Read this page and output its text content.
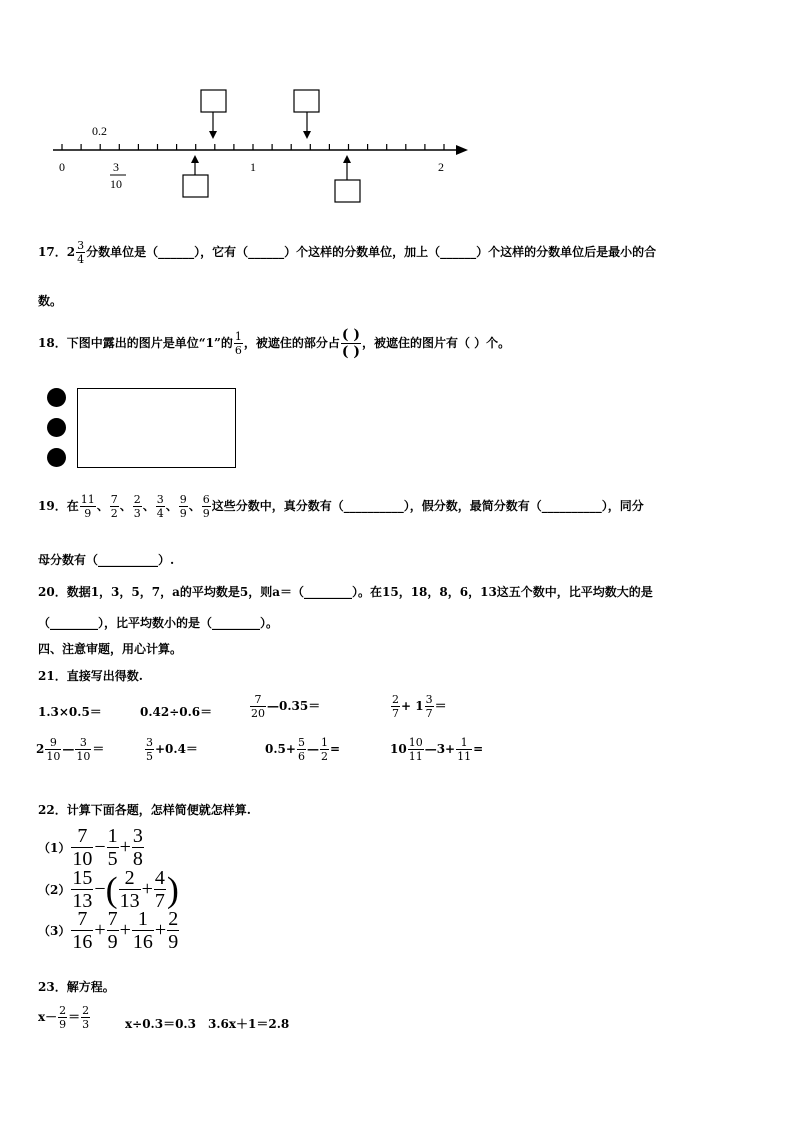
0.2
0	1	2
3
10
17．$2 \frac{3}{4}$ 分数单位是（______），它有（______）个这样的分数单位，加上（______）个这样的分数单位后是最小的合
数。
18．下图中露出的图片是单位“1”的 $\frac{1}{6}$ ，被遮住的部分占 $\frac{( )}{( )}$ ，被遮住的图片有（ ）个。
19．在 $\frac{11}{9}$ 、 $\frac{7}{2}$ 、 $\frac{2}{3}$ 、 $\frac{3}{4}$ 、 $\frac{9}{9}$ 、 $\frac{6}{9}$ 这些分数中，真分数有（__________），假分数，最简分数有（__________），同分
母分数有（__________）.
20．数据1，3，5，7，a的平均数是5，则a＝（________）。在15，18，8，6，13这五个数中，比平均数大的是
（________），比平均数小的是（________）。
四、注意审题，用心计算。
21．直接写出得数.
1.3×0.5＝	0.42÷0.6＝	$\frac{7}{20}$ —0.35＝	$\frac{2}{7} + 1 \frac{3}{7}$ ＝
$2 \frac{9}{10}$ — $\frac{3}{10}$ ＝	$\frac{3}{5} +0.4=$	$0.5+ \frac{5}{6}$ — $\frac{1}{2}$ =	$10 \frac{10}{11}$ —3+ $\frac{1}{11}$ =
22．计算下面各题，怎样简便就怎样算.
$(1) \frac{7}{10} - \frac{1}{5} + \frac{3}{8}$
$(2) \frac{15}{13}$ −( $\frac{2}{13} + \frac{4}{7}$ )
$(3) \frac{7}{16} + \frac{7}{9} + \frac{1}{16} + \frac{2}{9}$
23．解方程。
$x- \frac{2}{9} = \frac{2}{3}$	x÷0.3＝0.3 3.6x＋1＝2.8
